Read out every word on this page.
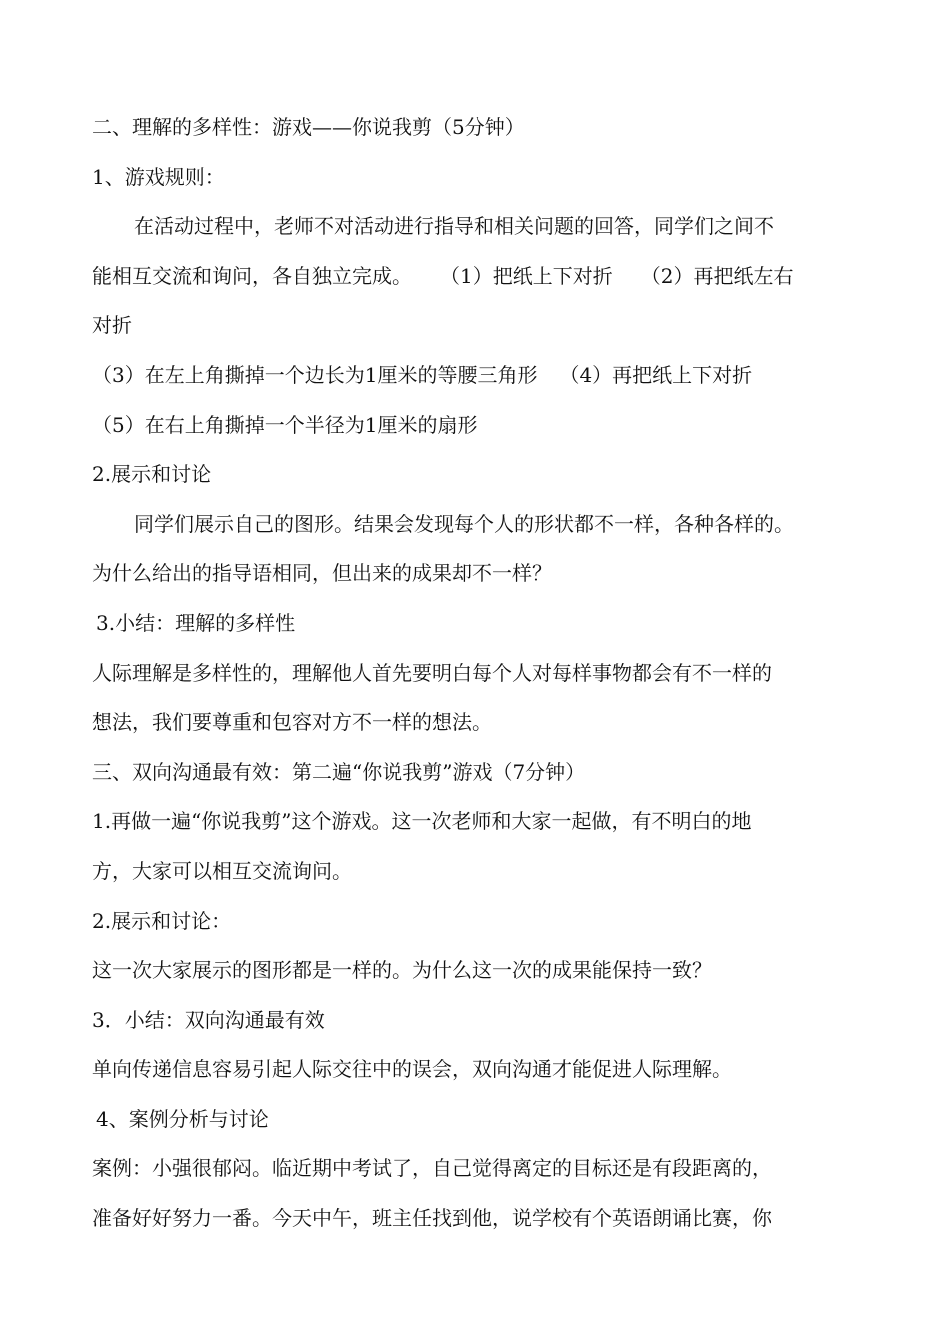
二、理解的多样性：游戏——你说我剪（5分钟）
1、游戏规则：
在活动过程中，老师不对活动进行指导和相关问题的回答，同学们之间不
能相互交流和询问，各自独立完成。 （1）把纸上下对折 （2）再把纸左右
对折
（3）在左上角撕掉一个边长为1厘米的等腰三角形 （4）再把纸上下对折
（5）在右上角撕掉一个半径为1厘米的扇形
2.展示和讨论
同学们展示自己的图形。结果会发现每个人的形状都不一样，各种各样的。
为什么给出的指导语相同，但出来的成果却不一样？
3.小结：理解的多样性
人际理解是多样性的，理解他人首先要明白每个人对每样事物都会有不一样的
想法，我们要尊重和包容对方不一样的想法。
三、双向沟通最有效：第二遍“你说我剪”游戏（7分钟）
1.再做一遍“你说我剪”这个游戏。这一次老师和大家一起做，有不明白的地
方，大家可以相互交流询问。
2.展示和讨论：
这一次大家展示的图形都是一样的。为什么这一次的成果能保持一致？
3．小结：双向沟通最有效
单向传递信息容易引起人际交往中的误会，双向沟通才能促进人际理解。
4、案例分析与讨论
案例：小强很郁闷。临近期中考试了，自己觉得离定的目标还是有段距离的，
准备好好努力一番。今天中午，班主任找到他，说学校有个英语朗诵比赛，你
